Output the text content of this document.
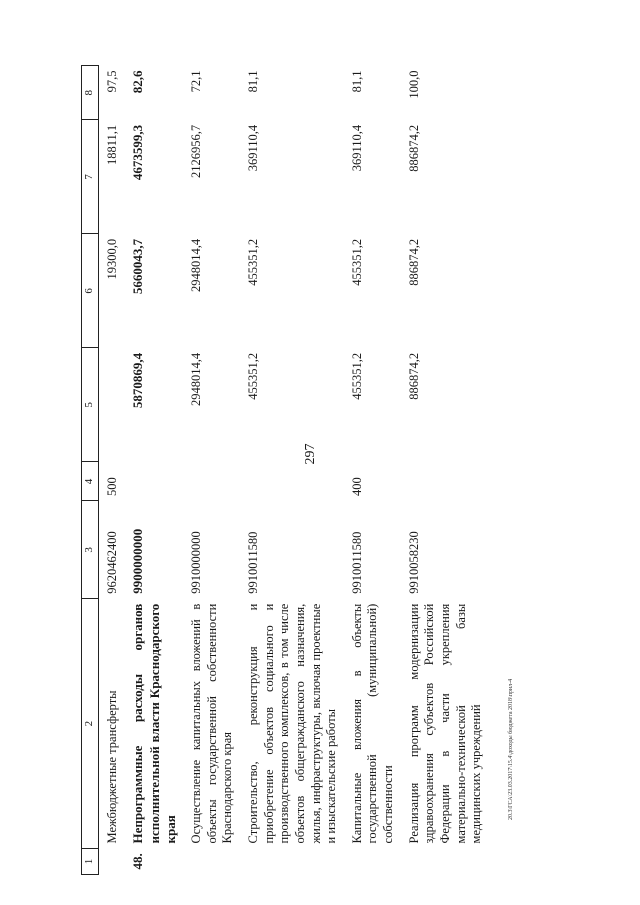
297
1	2	3	4	5	6	7	8
	Межбюджетные трансферты	9620462400	500		19300,0	18811,1	97,5
48.	Непрограммные расходы органов исполнительной власти Краснодарского края	9900000000		5870869,4	5660043,7	4673599,3	82,6
	Осуществление капитальных вложений в объекты государственной собственности Краснодарского края	9910000000		2948014,4	2948014,4	2126956,7	72,1
	Строительство, реконструкция и приобретение объектов социального и производственного комплексов, в том числе объектов общегражданского назначения, жилья, инфраструктуры, включая проектные и изыскательские работы	9910011580		455351,2	455351,2	369110,4	81,1
	Капитальные вложения в объекты государственной (муниципальной) собственности	9910011580	400	455351,2	455351,2	369110,4	81,1
	Реализация программ модернизации здравоохранения субъектов Российской Федерации в части укрепления материально-технической базы медицинских учреждений	9910058230		886874,2	886874,2	886874,2	100,0
20.3\ГСА\23.03.2017\15.4\доходы бюджета 2018\прил-4
